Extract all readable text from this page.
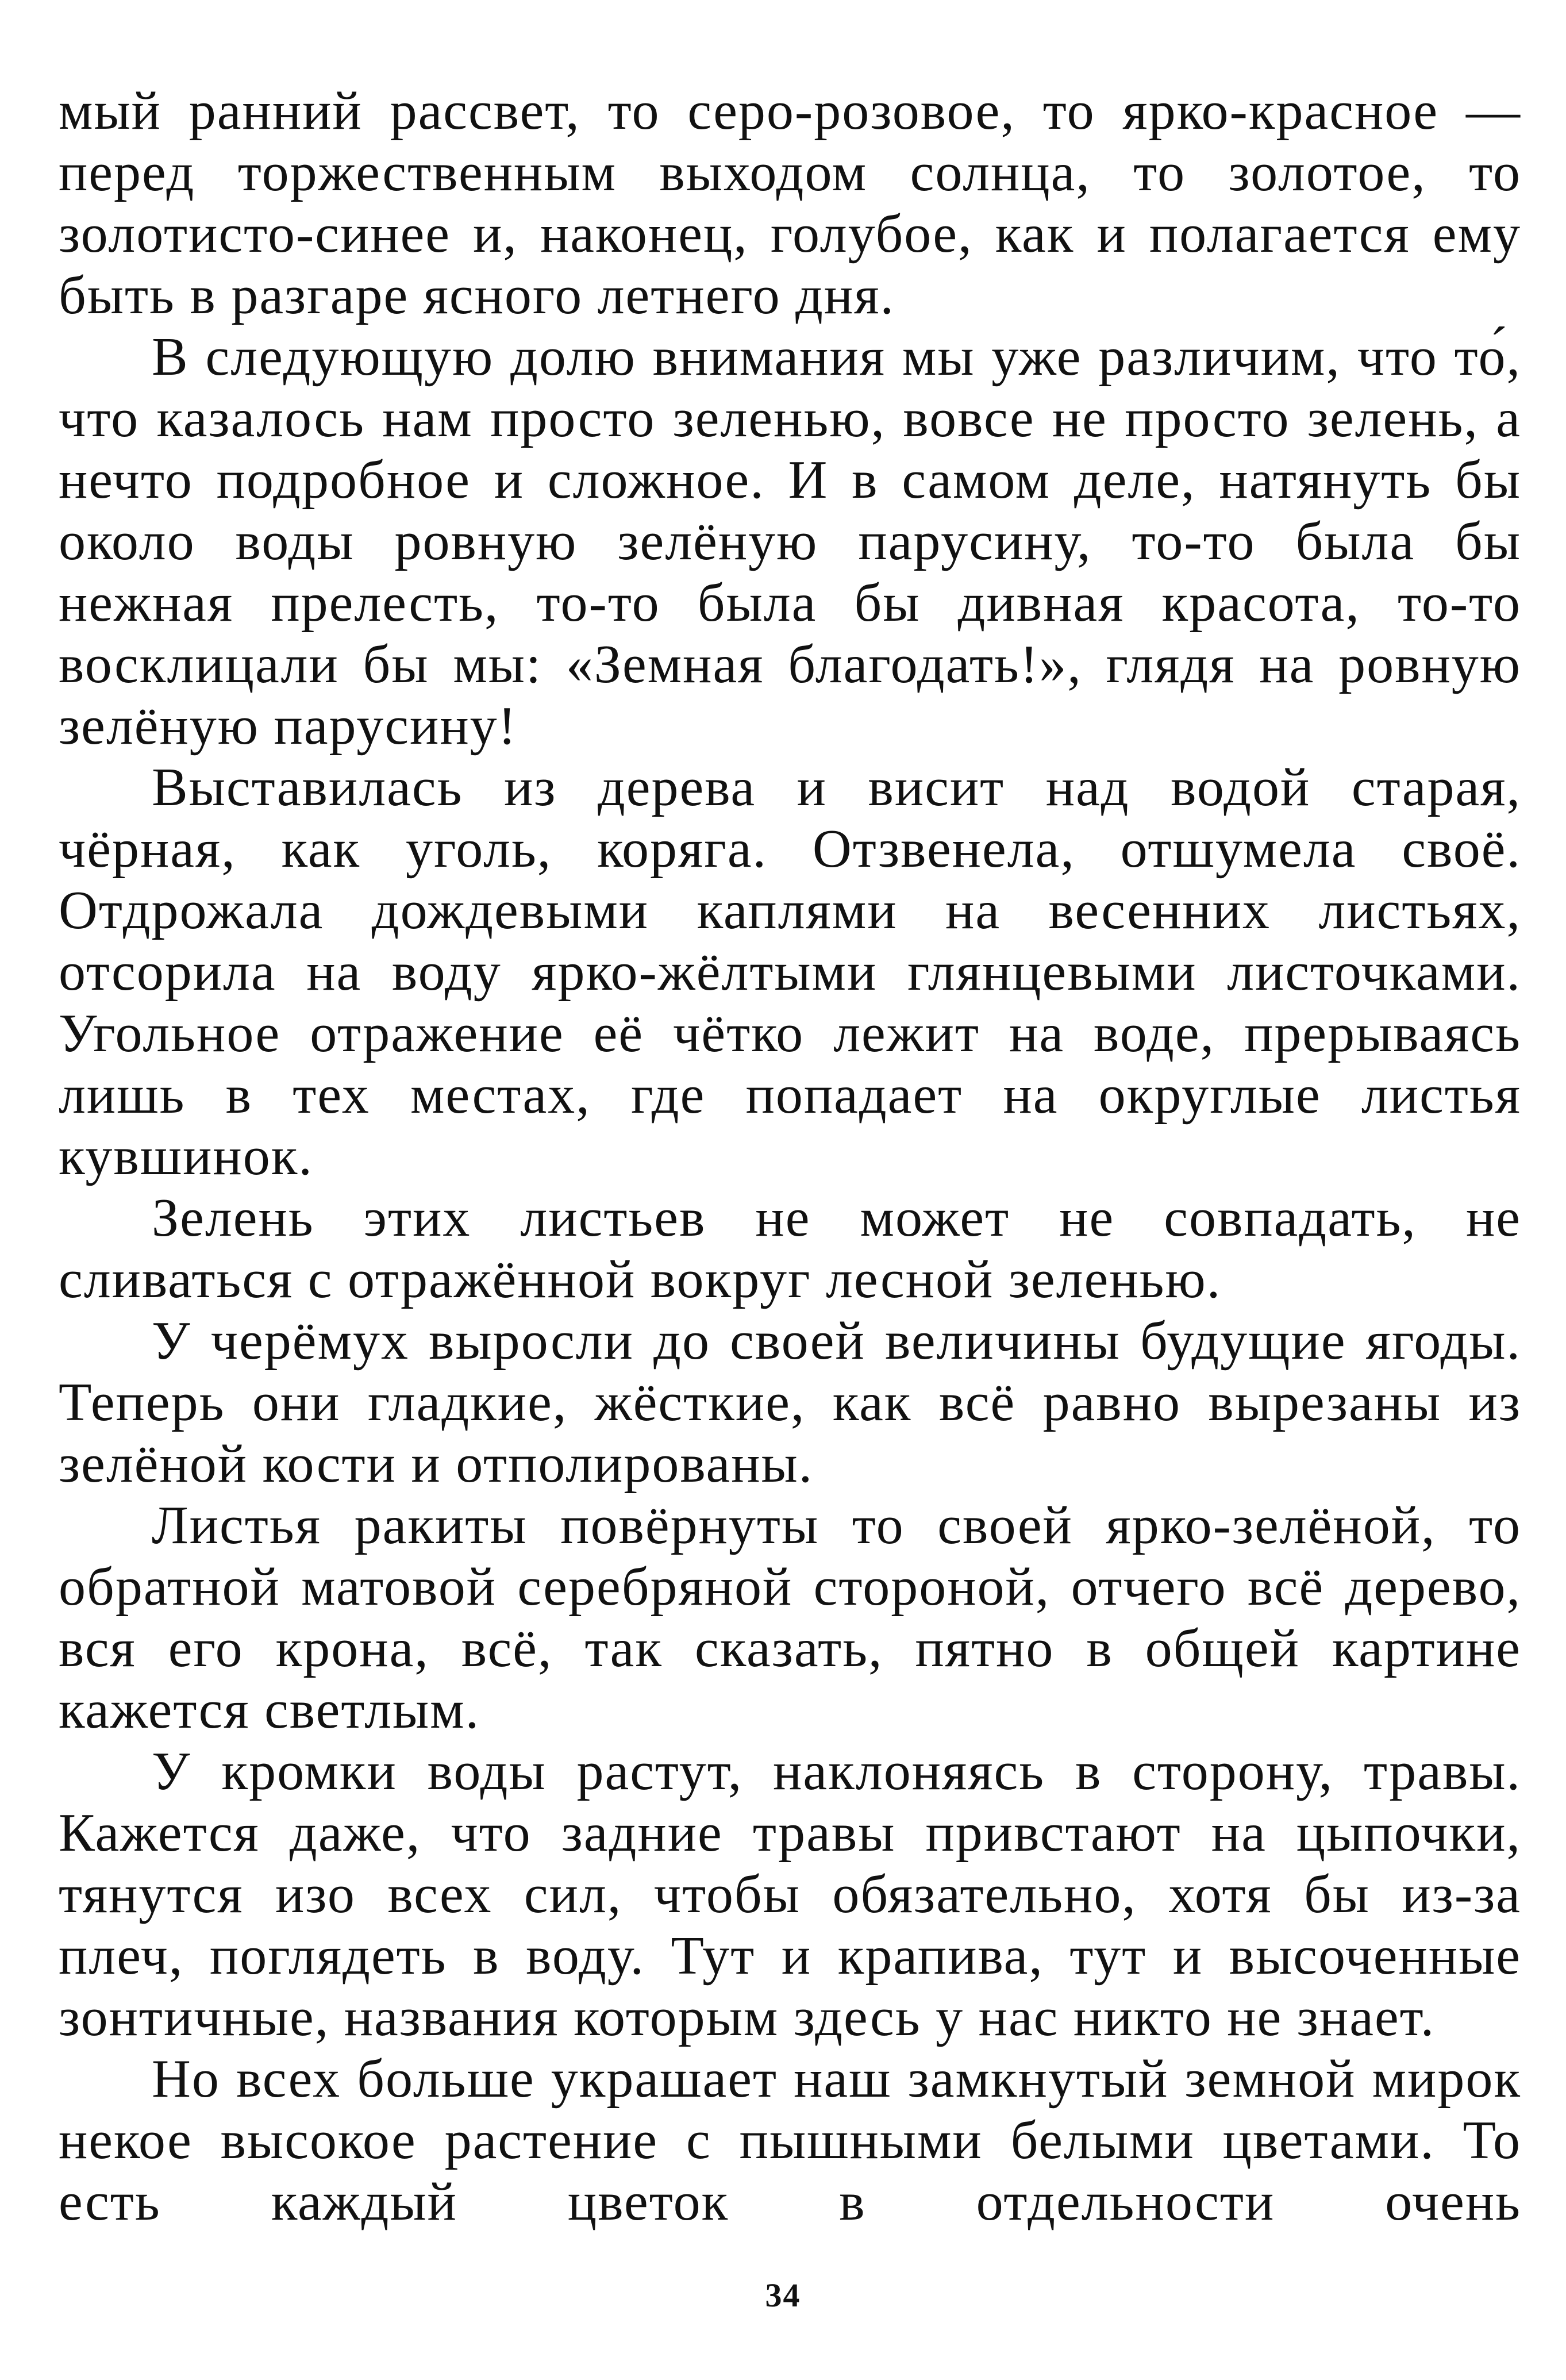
мый ранний рассвет, то серо-розовое, то ярко-красное — перед торжественным выходом солнца, то золотое, то золотисто-синее и, наконец, голубое, как и полагается ему быть в разгаре ясного летнего дня.

В следующую долю внимания мы уже различим, что то́, что казалось нам просто зеленью, вовсе не просто зелень, а нечто подробное и сложное. И в самом деле, натянуть бы около воды ровную зелёную парусину, то-то была бы нежная прелесть, то-то была бы дивная красота, то-то восклицали бы мы: «Земная благодать!», глядя на ровную зелёную парусину!

Выставилась из дерева и висит над водой старая, чёрная, как уголь, коряга. Отзвенела, отшумела своё. Отдрожала дождевыми каплями на весенних листьях, отсорила на воду ярко-жёлтыми глянцевыми листочками. Угольное отражение её чётко лежит на воде, прерываясь лишь в тех местах, где попадает на округлые листья кувшинок.

Зелень этих листьев не может не совпадать, не сливаться с отражённой вокруг лесной зеленью.

У черёмух выросли до своей величины будущие ягоды. Теперь они гладкие, жёсткие, как всё равно вырезаны из зелёной кости и отполированы.

Листья ракиты повёрнуты то своей ярко-зелёной, то обратной матовой серебряной стороной, отчего всё дерево, вся его крона, всё, так сказать, пятно в общей картине кажется светлым.

У кромки воды растут, наклоняясь в сторону, травы. Кажется даже, что задние травы привстают на цыпочки, тянутся изо всех сил, чтобы обязательно, хотя бы из-за плеч, поглядеть в воду. Тут и крапива, тут и высоченные зонтичные, названия которым здесь у нас никто не знает.

Но всех больше украшает наш замкнутый земной мирок некое высокое растение с пышными белыми цветами. То есть каждый цветок в отдельности очень

34
